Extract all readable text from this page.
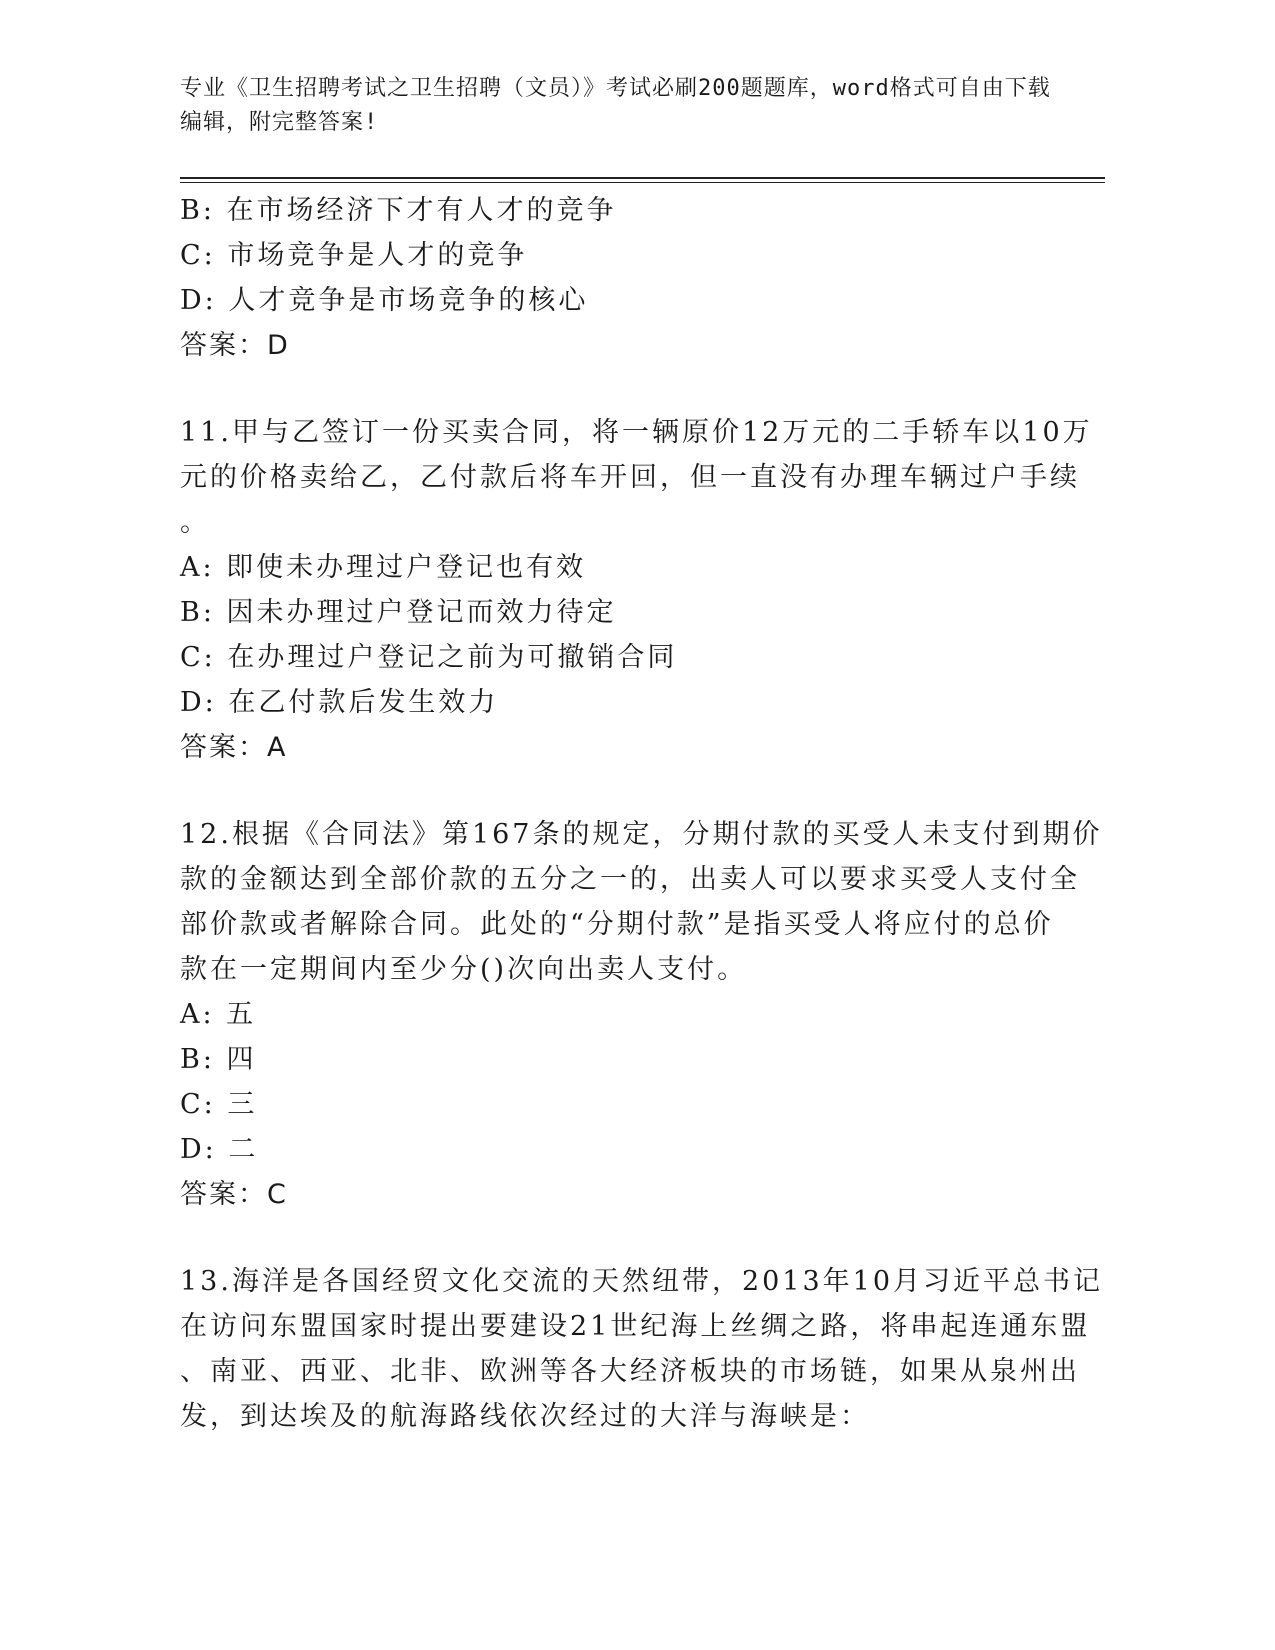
专业《卫生招聘考试之卫生招聘（文员）》考试必刷200题题库，word格式可自由下载编辑，附完整答案!
B: 在市场经济下才有人才的竞争
C: 市场竞争是人才的竞争
D: 人才竞争是市场竞争的核心
答案：D
11.甲与乙签订一份买卖合同，将一辆原价12万元的二手轿车以10万
元的价格卖给乙，乙付款后将车开回，但一直没有办理车辆过户手续
。
A: 即使未办理过户登记也有效
B: 因未办理过户登记而效力待定
C: 在办理过户登记之前为可撤销合同
D: 在乙付款后发生效力
答案：A
12.根据《合同法》第167条的规定，分期付款的买受人未支付到期价
款的金额达到全部价款的五分之一的，出卖人可以要求买受人支付全
部价款或者解除合同。此处的“分期付款”是指买受人将应付的总价
款在一定期间内至少分()次向出卖人支付。
A: 五
B: 四
C: 三
D: 二
答案：C
13.海洋是各国经贸文化交流的天然纽带，2013年10月习近平总书记
在访问东盟国家时提出要建设21世纪海上丝绸之路，将串起连通东盟
、南亚、西亚、北非、欧洲等各大经济板块的市场链，如果从泉州出
发，到达埃及的航海路线依次经过的大洋与海峡是：
